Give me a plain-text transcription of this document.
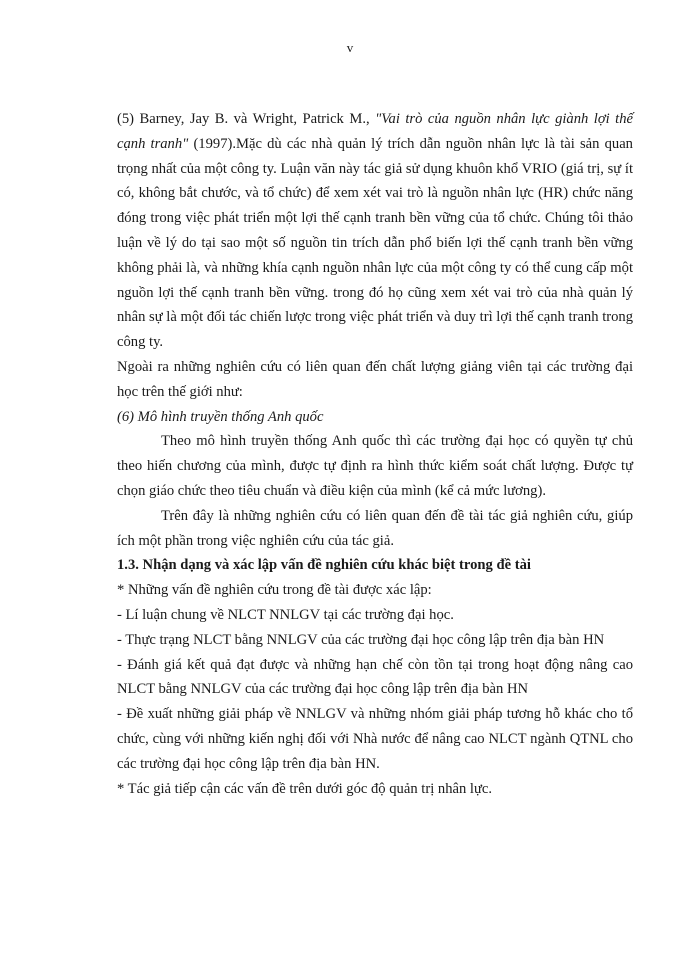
v

(5) Barney, Jay B. và Wright, Patrick M., "Vai trò của nguồn nhân lực giành lợi thế cạnh tranh" (1997).Mặc dù các nhà quản lý trích dẫn nguồn nhân lực là tài sản quan trọng nhất của một công ty. Luận văn này tác giả sử dụng khuôn khổ VRIO (giá trị, sự ít có, không bắt chước, và tổ chức) để xem xét vai trò là nguồn nhân lực (HR) chức năng đóng trong việc phát triển một lợi thế cạnh tranh bền vững của tổ chức. Chúng tôi thảo luận về lý do tại sao một số nguồn tin trích dẫn phổ biến lợi thế cạnh tranh bền vững không phải là, và những khía cạnh nguồn nhân lực của một công ty có thể cung cấp một nguồn lợi thế cạnh tranh bền vững. trong đó họ cũng xem xét vai trò của nhà quản lý nhân sự là một đối tác chiến lược trong việc phát triển và duy trì lợi thế cạnh tranh trong công ty.

Ngoài ra những nghiên cứu có liên quan đến chất lượng giảng viên tại các trường đại học trên thế giới như:

(6) Mô hình truyền thống Anh quốc

Theo mô hình truyền thống Anh quốc thì các trường đại học có quyền tự chủ theo hiến chương của mình, được tự định ra hình thức kiểm soát chất lượng. Được tự chọn giáo chức theo tiêu chuẩn và điều kiện của mình (kể cả mức lương).

Trên đây là những nghiên cứu có liên quan đến đề tài tác giả nghiên cứu, giúp ích một phần trong việc nghiên cứu của tác giả.

1.3. Nhận dạng và xác lập vấn đề nghiên cứu khác biệt trong đề tài

* Những vấn đề nghiên cứu trong đề tài được xác lập:

- Lí luận chung về NLCT NNLGV tại các trường đại học.

- Thực trạng NLCT bằng NNLGV của các trường đại học công lập trên địa bàn HN

- Đánh giá kết quả đạt được và những hạn chế còn tồn tại trong hoạt động nâng cao NLCT bằng NNLGV của các trường đại học công lập trên địa bàn HN

- Đề xuất những giải pháp về NNLGV và những nhóm giải pháp tương hỗ khác cho tổ chức, cùng với những kiến nghị đối với Nhà nước để nâng cao NLCT ngành QTNL cho các trường đại học công lập trên địa bàn HN.

* Tác giả tiếp cận các vấn đề trên dưới góc độ quản trị nhân lực.
